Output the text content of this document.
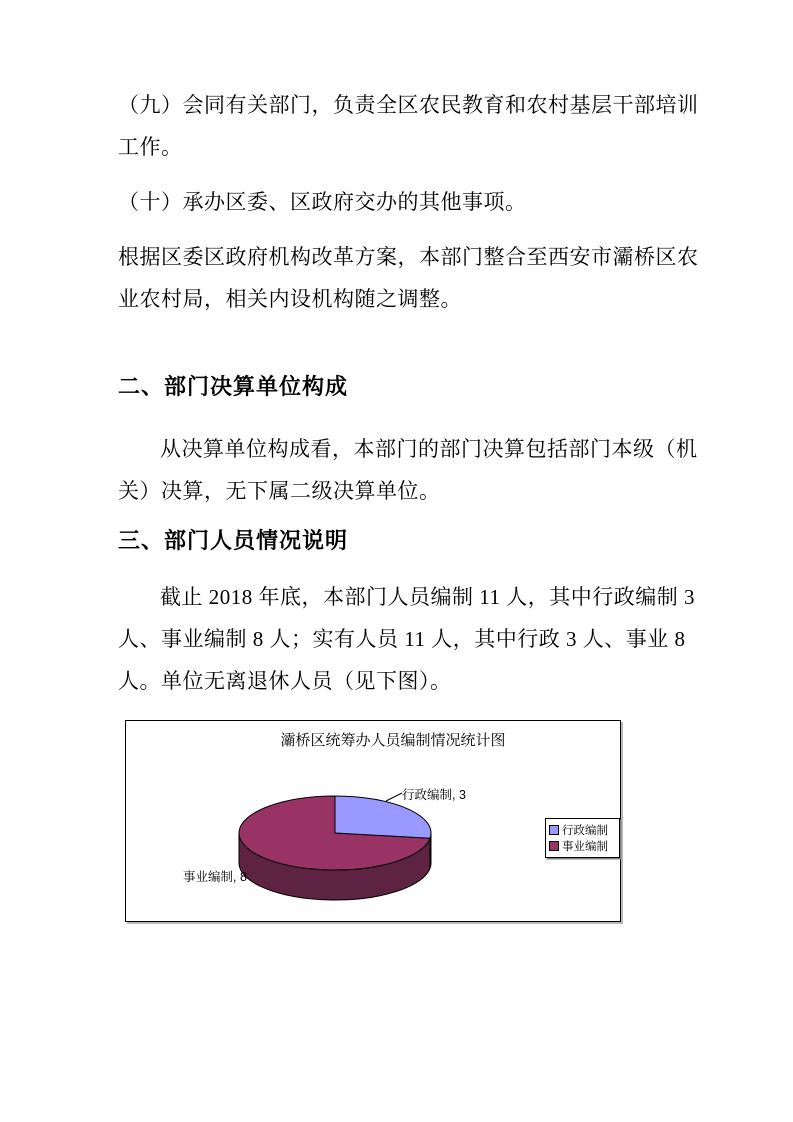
（九）会同有关部门，负责全区农民教育和农村基层干部培训
工作。
（十）承办区委、区政府交办的其他事项。
根据区委区政府机构改革方案，本部门整合至西安市灞桥区农
业农村局，相关内设机构随之调整。
二、部门决算单位构成
从决算单位构成看，本部门的部门决算包括部门本级（机
关）决算，无下属二级决算单位。
三、部门人员情况说明
截止 2018 年底，本部门人员编制 11 人，其中行政编制 3
人、事业编制 8 人；实有人员 11 人，其中行政 3 人、事业 8
人。单位无离退休人员（见下图）。
灞桥区统筹办人员编制情况统计图
行政编制, 3
事业编制, 8
行政编制
事业编制
